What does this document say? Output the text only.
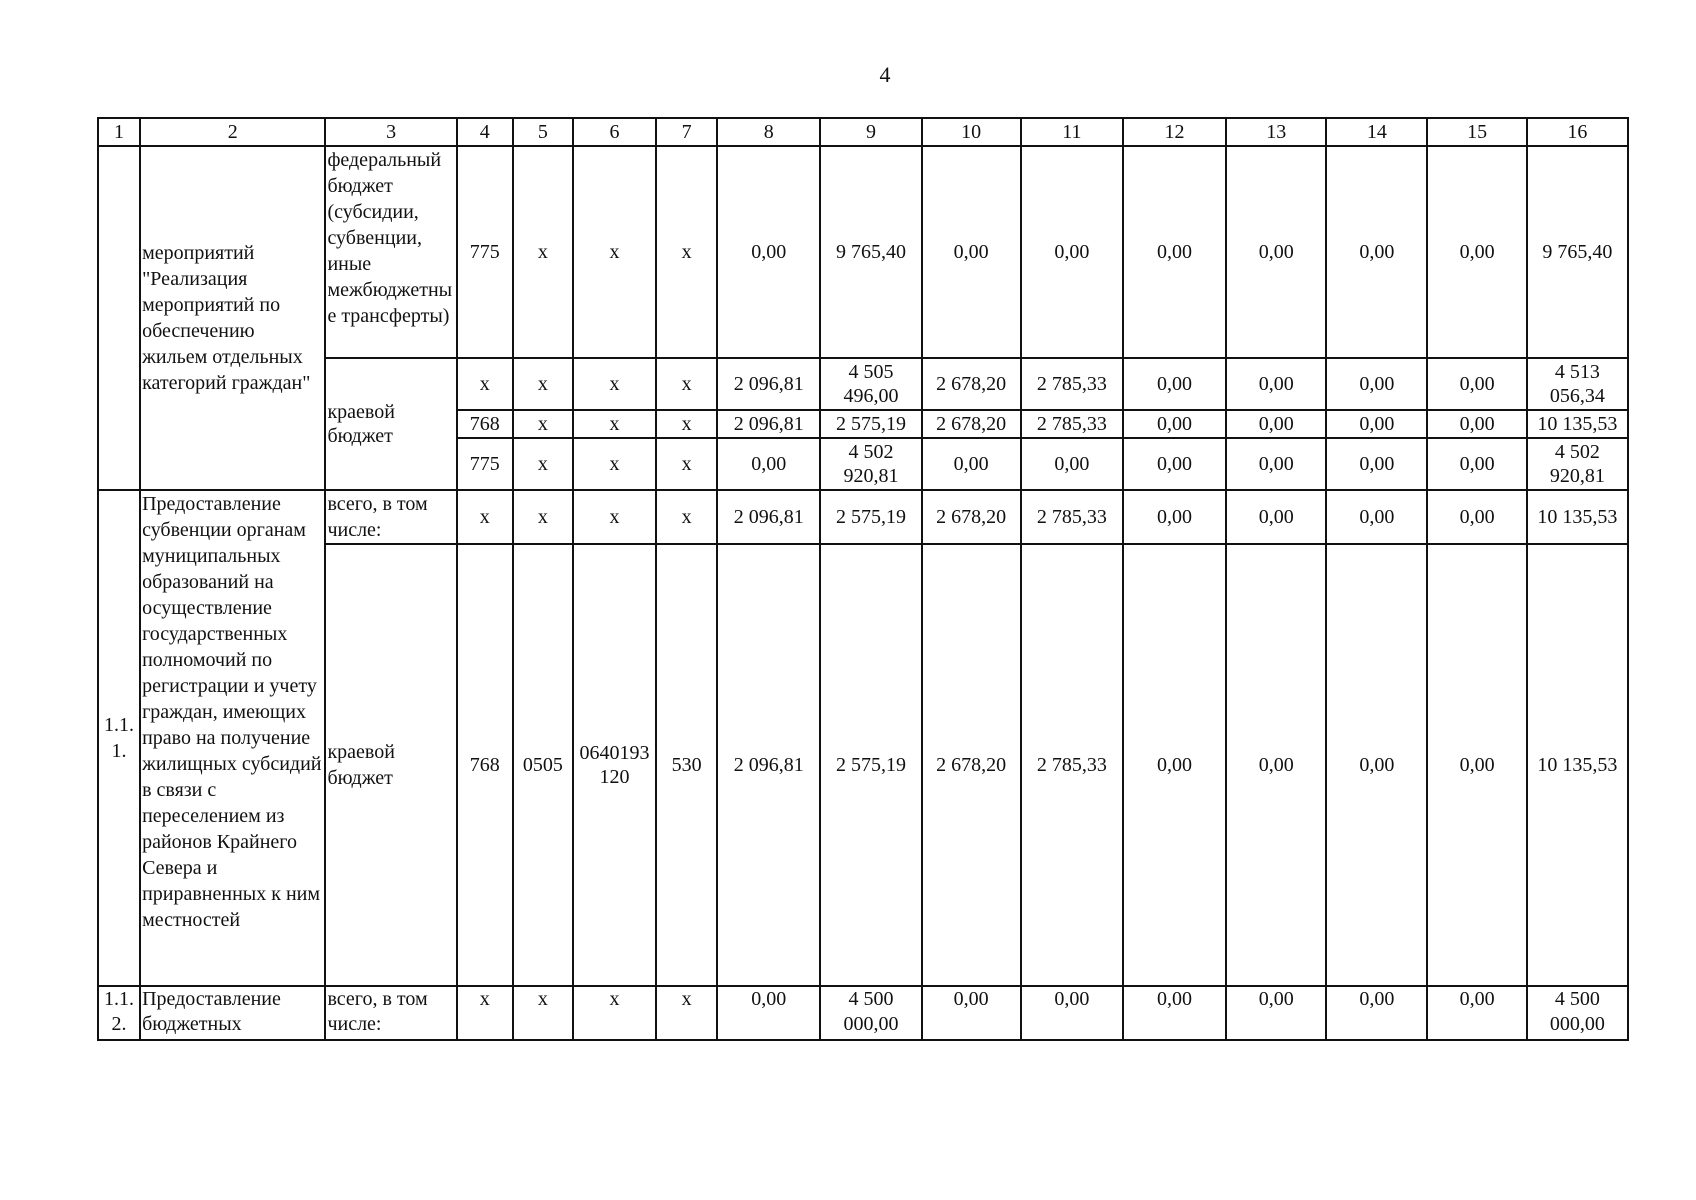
4
1	2	3	4	5	6	7	8	9	10	11	12	13	14	15	16
	мероприятий "Реализация мероприятий по обеспечению жильем отдельных категорий граждан"	федеральный бюджет (субсидии, субвенции, иные межбюджетные трансферты)	775	x	x	x	0,00	9 765,40	0,00	0,00	0,00	0,00	0,00	0,00	9 765,40
		краевой бюджет	x	x	x	x	2 096,81	4 505 496,00	2 678,20	2 785,33	0,00	0,00	0,00	0,00	4 513 056,34
			768	x	x	x	2 096,81	2 575,19	2 678,20	2 785,33	0,00	0,00	0,00	0,00	10 135,53
			775	x	x	x	0,00	4 502 920,81	0,00	0,00	0,00	0,00	0,00	0,00	4 502 920,81
1.1.1.	Предоставление субвенции органам муниципальных образований на осуществление государственных полномочий по регистрации и учету граждан, имеющих право на получение жилищных субсидий в связи с переселением из районов Крайнего Севера и приравненных к ним местностей	всего, в том числе:	x	x	x	x	2 096,81	2 575,19	2 678,20	2 785,33	0,00	0,00	0,00	0,00	10 135,53
		краевой бюджет	768	0505	0640193120	530	2 096,81	2 575,19	2 678,20	2 785,33	0,00	0,00	0,00	0,00	10 135,53
1.1.2.	Предоставление бюджетных	всего, в том числе:	x	x	x	x	0,00	4 500 000,00	0,00	0,00	0,00	0,00	0,00	0,00	4 500 000,00
